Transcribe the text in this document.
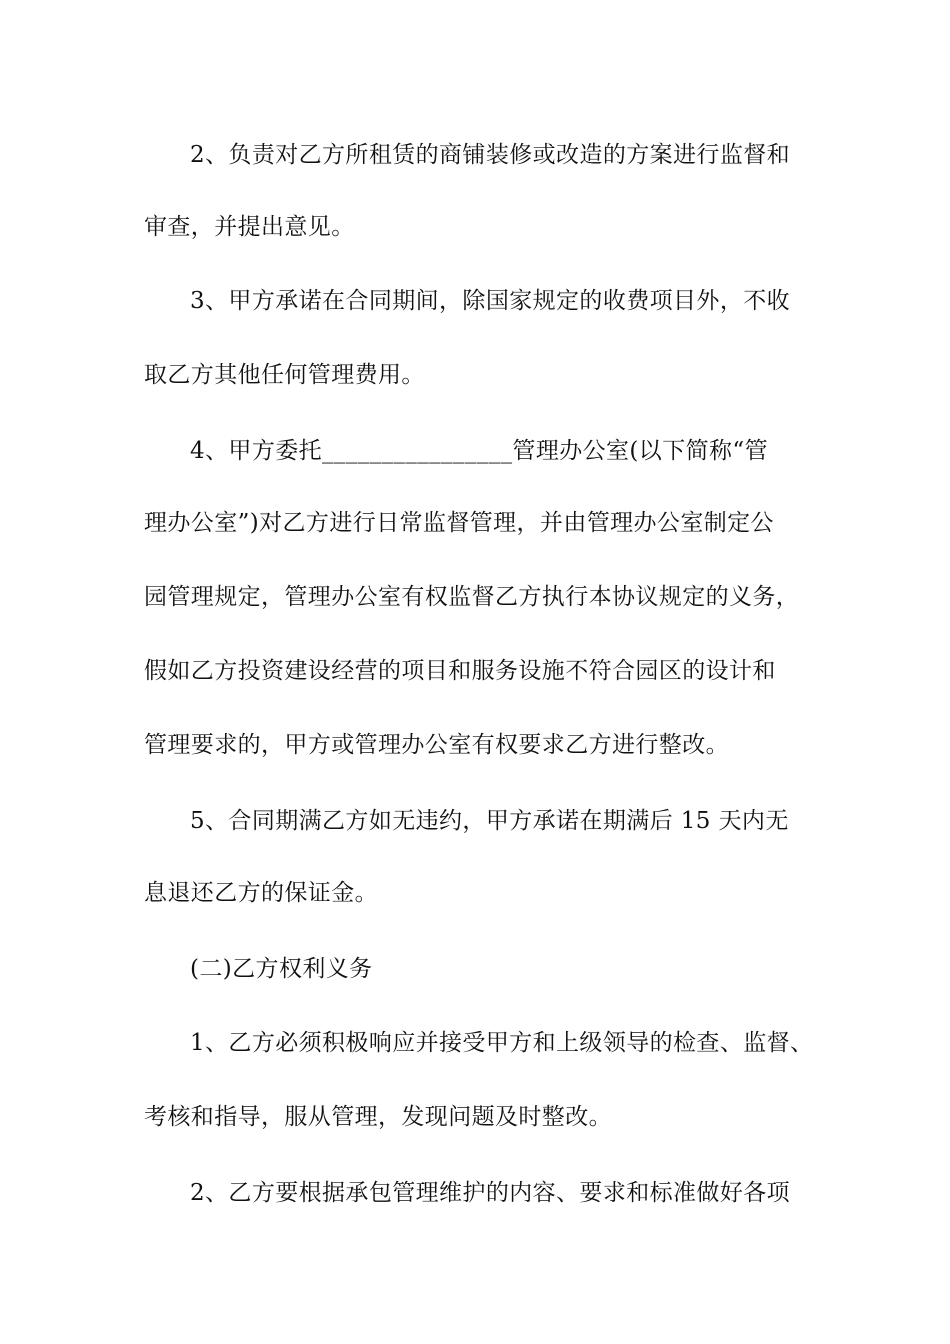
2、负责对乙方所租赁的商铺装修或改造的方案进行监督和
审查，并提出意见。
3、甲方承诺在合同期间，除国家规定的收费项目外，不收
取乙方其他任何管理费用。
4、甲方委托________________管理办公室(以下简称“管
理办公室”)对乙方进行日常监督管理，并由管理办公室制定公
园管理规定，管理办公室有权监督乙方执行本协议规定的义务，
假如乙方投资建设经营的项目和服务设施不符合园区的设计和
管理要求的，甲方或管理办公室有权要求乙方进行整改。
5、合同期满乙方如无违约，甲方承诺在期满后 15 天内无
息退还乙方的保证金。
(二)乙方权利义务
1、乙方必须积极响应并接受甲方和上级领导的检查、监督、
考核和指导，服从管理，发现问题及时整改。
2、乙方要根据承包管理维护的内容、要求和标准做好各项
